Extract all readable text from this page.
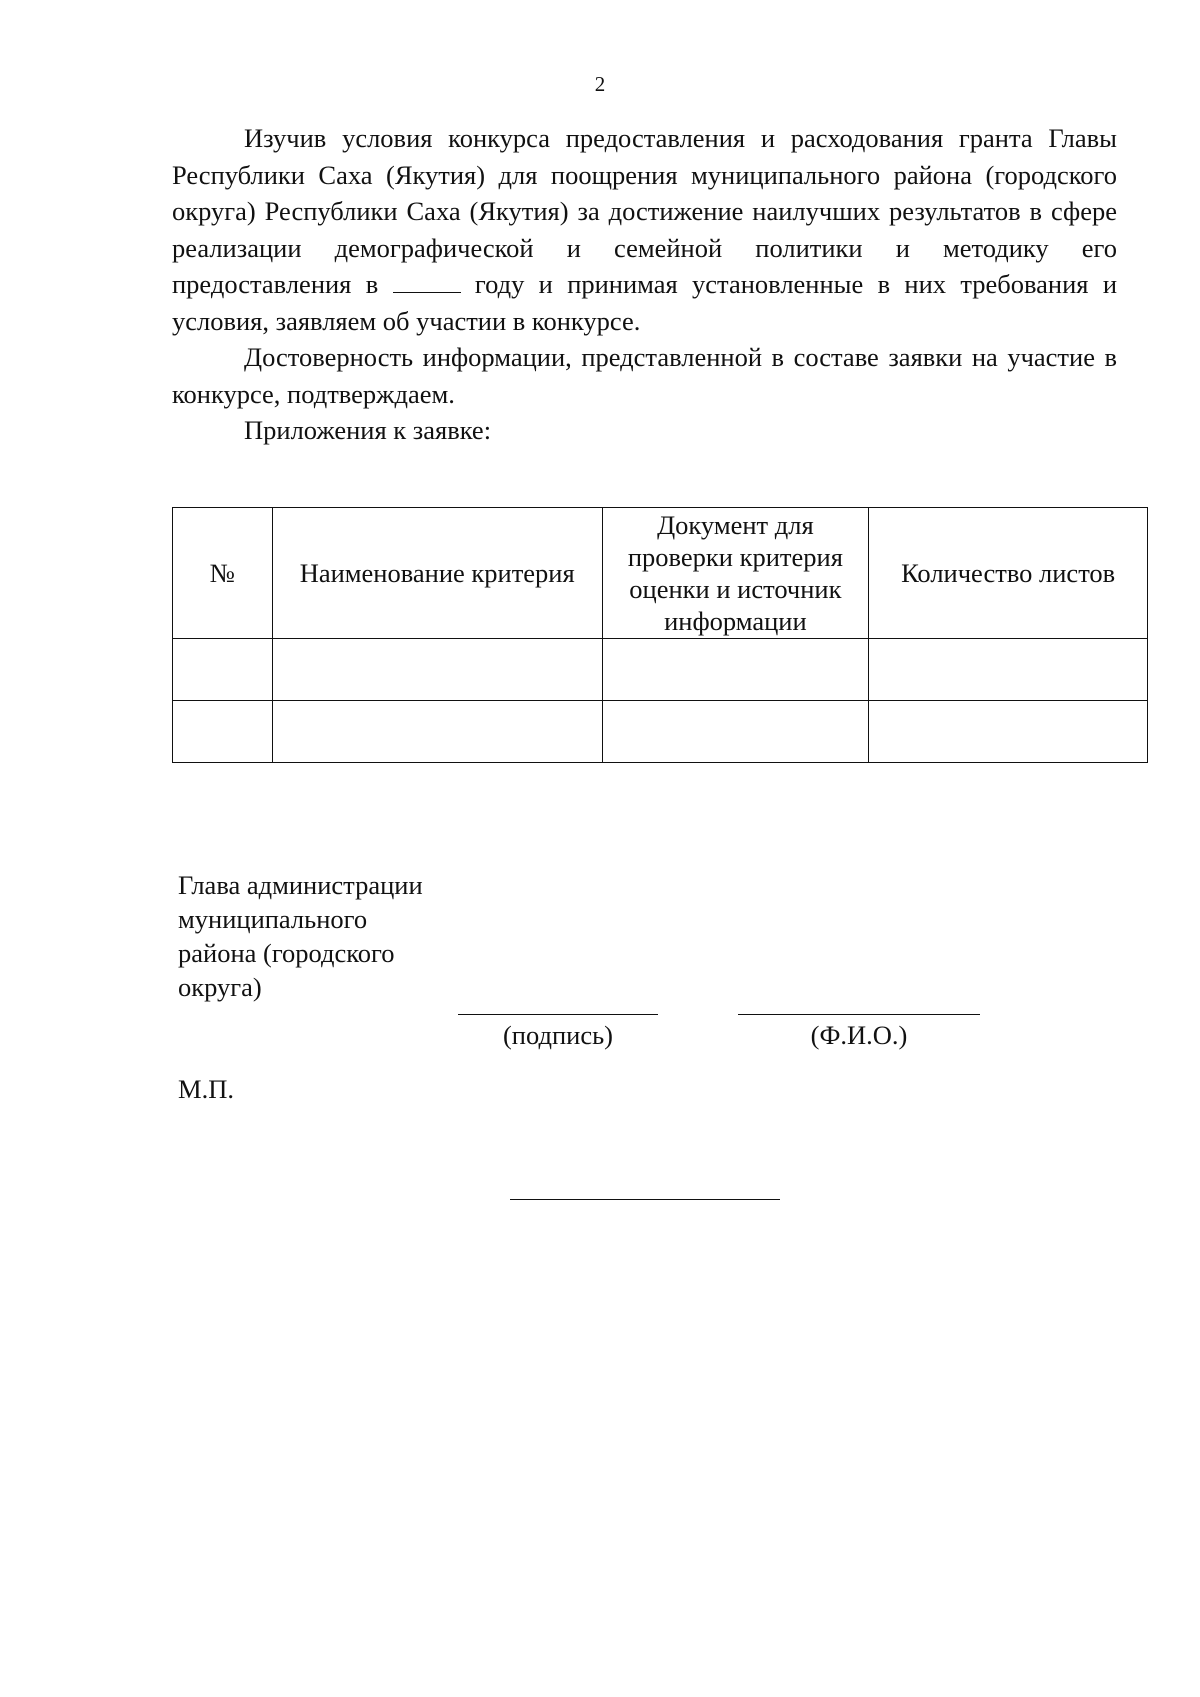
2

Изучив условия конкурса предоставления и расходования гранта Главы Республики Саха (Якутия) для поощрения муниципального района (городского округа) Республики Саха (Якутия) за достижение наилучших результатов в сфере реализации демографической и семейной политики и методику его предоставления в	году и принимая установленные в них требования и условия, заявляем об участии в конкурсе.

Достоверность информации, представленной в составе заявки на участие в конкурсе, подтверждаем.

Приложения к заявке:

№	Наименование критерия	Документ для проверки критерия оценки и источник информации	Количество листов

Глава администрации
муниципального
района (городского
округа)
(подпись)	(Ф.И.О.)
М.П.
